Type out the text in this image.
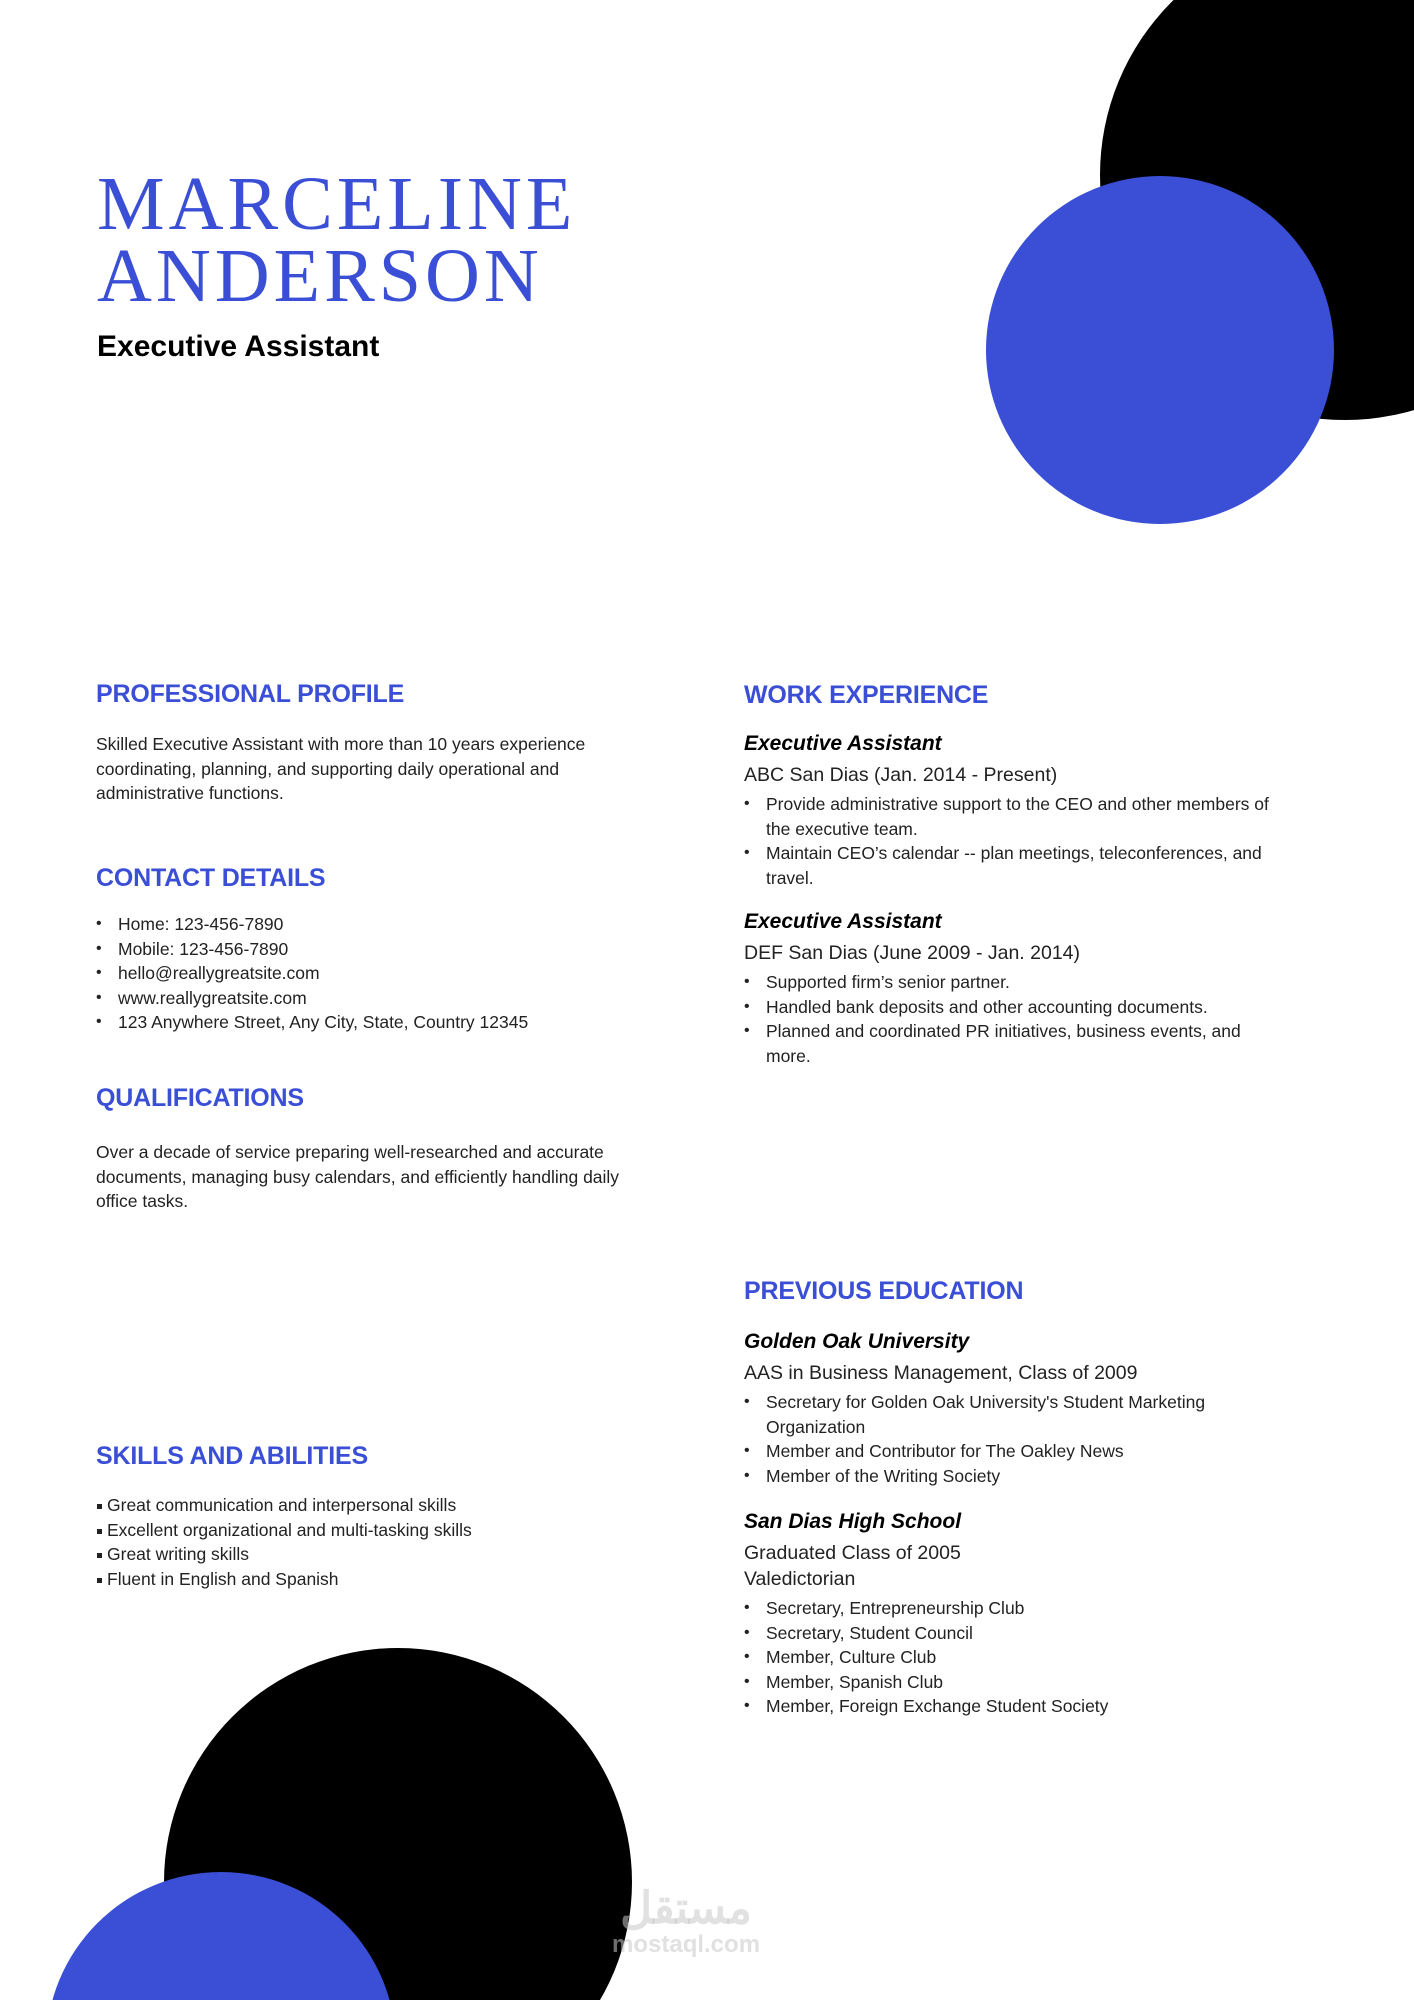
MARCELINE
ANDERSON
Executive Assistant
PROFESSIONAL PROFILE

Skilled Executive Assistant with more than 10 years experience coordinating, planning, and supporting daily operational and administrative functions.

CONTACT DETAILS
• Home: 123-456-7890
• Mobile: 123-456-7890
• hello@reallygreatsite.com
• www.reallygreatsite.com
• 123 Anywhere Street, Any City, State, Country 12345
QUALIFICATIONS

Over a decade of service preparing well-researched and accurate documents, managing busy calendars, and efficiently handling daily office tasks.

SKILLS AND ABILITIES
Great communication and interpersonal skills
Excellent organizational and multi-tasking skills
Great writing skills
Fluent in English and Spanish
WORK EXPERIENCE
Executive Assistant
ABC San Dias (Jan. 2014 - Present)
• Provide administrative support to the CEO and other members of the executive team.
• Maintain CEO’s calendar -- plan meetings, teleconferences, and travel.
Executive Assistant
DEF San Dias (June 2009 - Jan. 2014)
• Supported firm’s senior partner.
• Handled bank deposits and other accounting documents.
• Planned and coordinated PR initiatives, business events, and more.
PREVIOUS EDUCATION
Golden Oak University
AAS in Business Management, Class of 2009
• Secretary for Golden Oak University's Student Marketing Organization
• Member and Contributor for The Oakley News
• Member of the Writing Society
San Dias High School
Graduated Class of 2005
Valedictorian
• Secretary, Entrepreneurship Club
• Secretary, Student Council
• Member, Culture Club
• Member, Spanish Club
• Member, Foreign Exchange Student Society
مستقل
mostaql.com
